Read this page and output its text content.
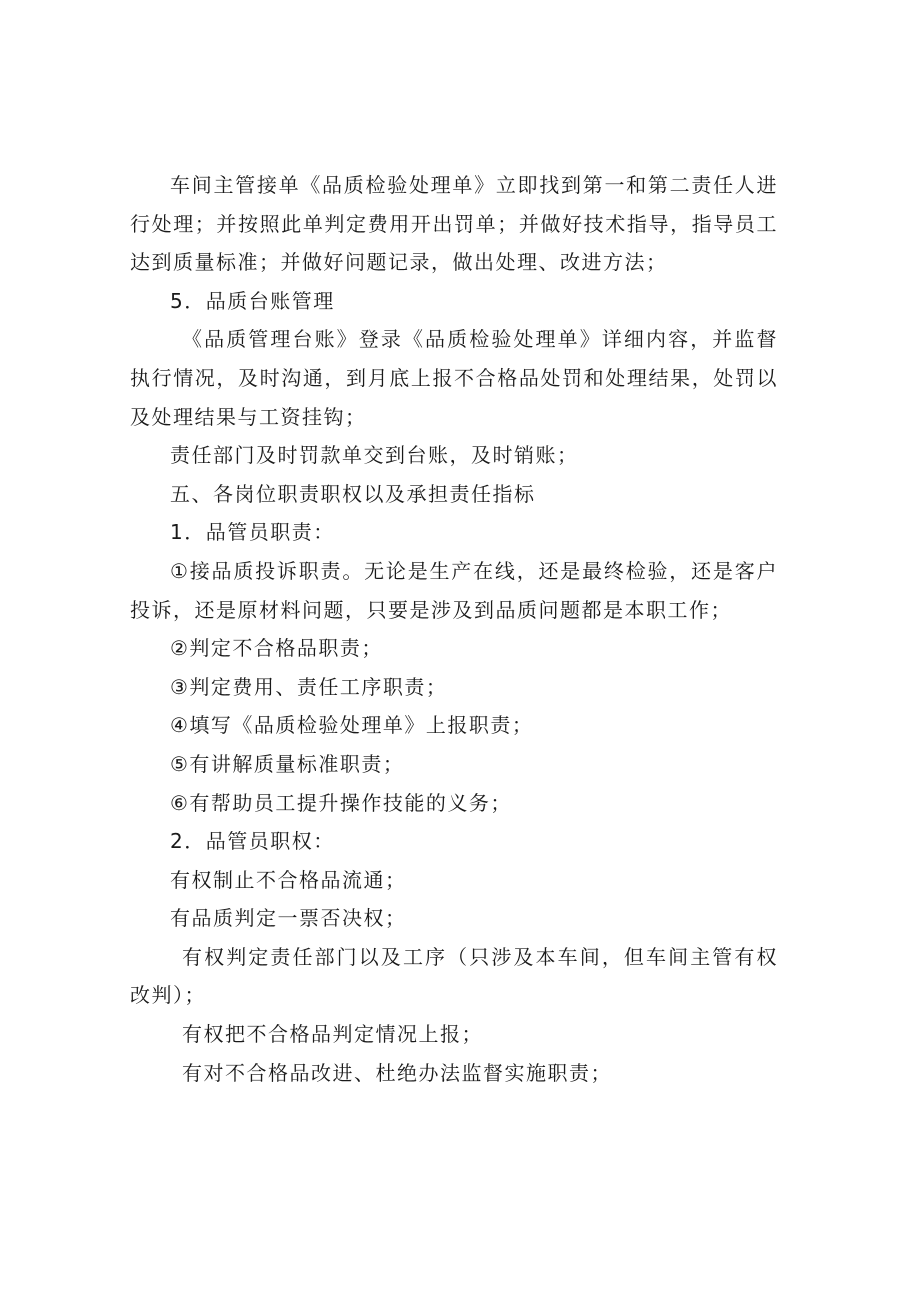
车间主管接单《品质检验处理单》立即找到第一和第二责任人进行处理；并按照此单判定费用开出罚单；并做好技术指导，指导员工达到质量标准；并做好问题记录，做出处理、改进方法；

5．品质台账管理

《品质管理台账》登录《品质检验处理单》详细内容，并监督执行情况，及时沟通，到月底上报不合格品处罚和处理结果，处罚以及处理结果与工资挂钩；

责任部门及时罚款单交到台账，及时销账；

五、各岗位职责职权以及承担责任指标

1．品管员职责：

①接品质投诉职责。无论是生产在线，还是最终检验，还是客户投诉，还是原材料问题，只要是涉及到品质问题都是本职工作；

②判定不合格品职责；

③判定费用、责任工序职责；

④填写《品质检验处理单》上报职责；

⑤有讲解质量标准职责；

⑥有帮助员工提升操作技能的义务；

2．品管员职权：

有权制止不合格品流通；

有品质判定一票否决权；

有权判定责任部门以及工序（只涉及本车间，但车间主管有权改判）；

有权把不合格品判定情况上报；

有对不合格品改进、杜绝办法监督实施职责；
